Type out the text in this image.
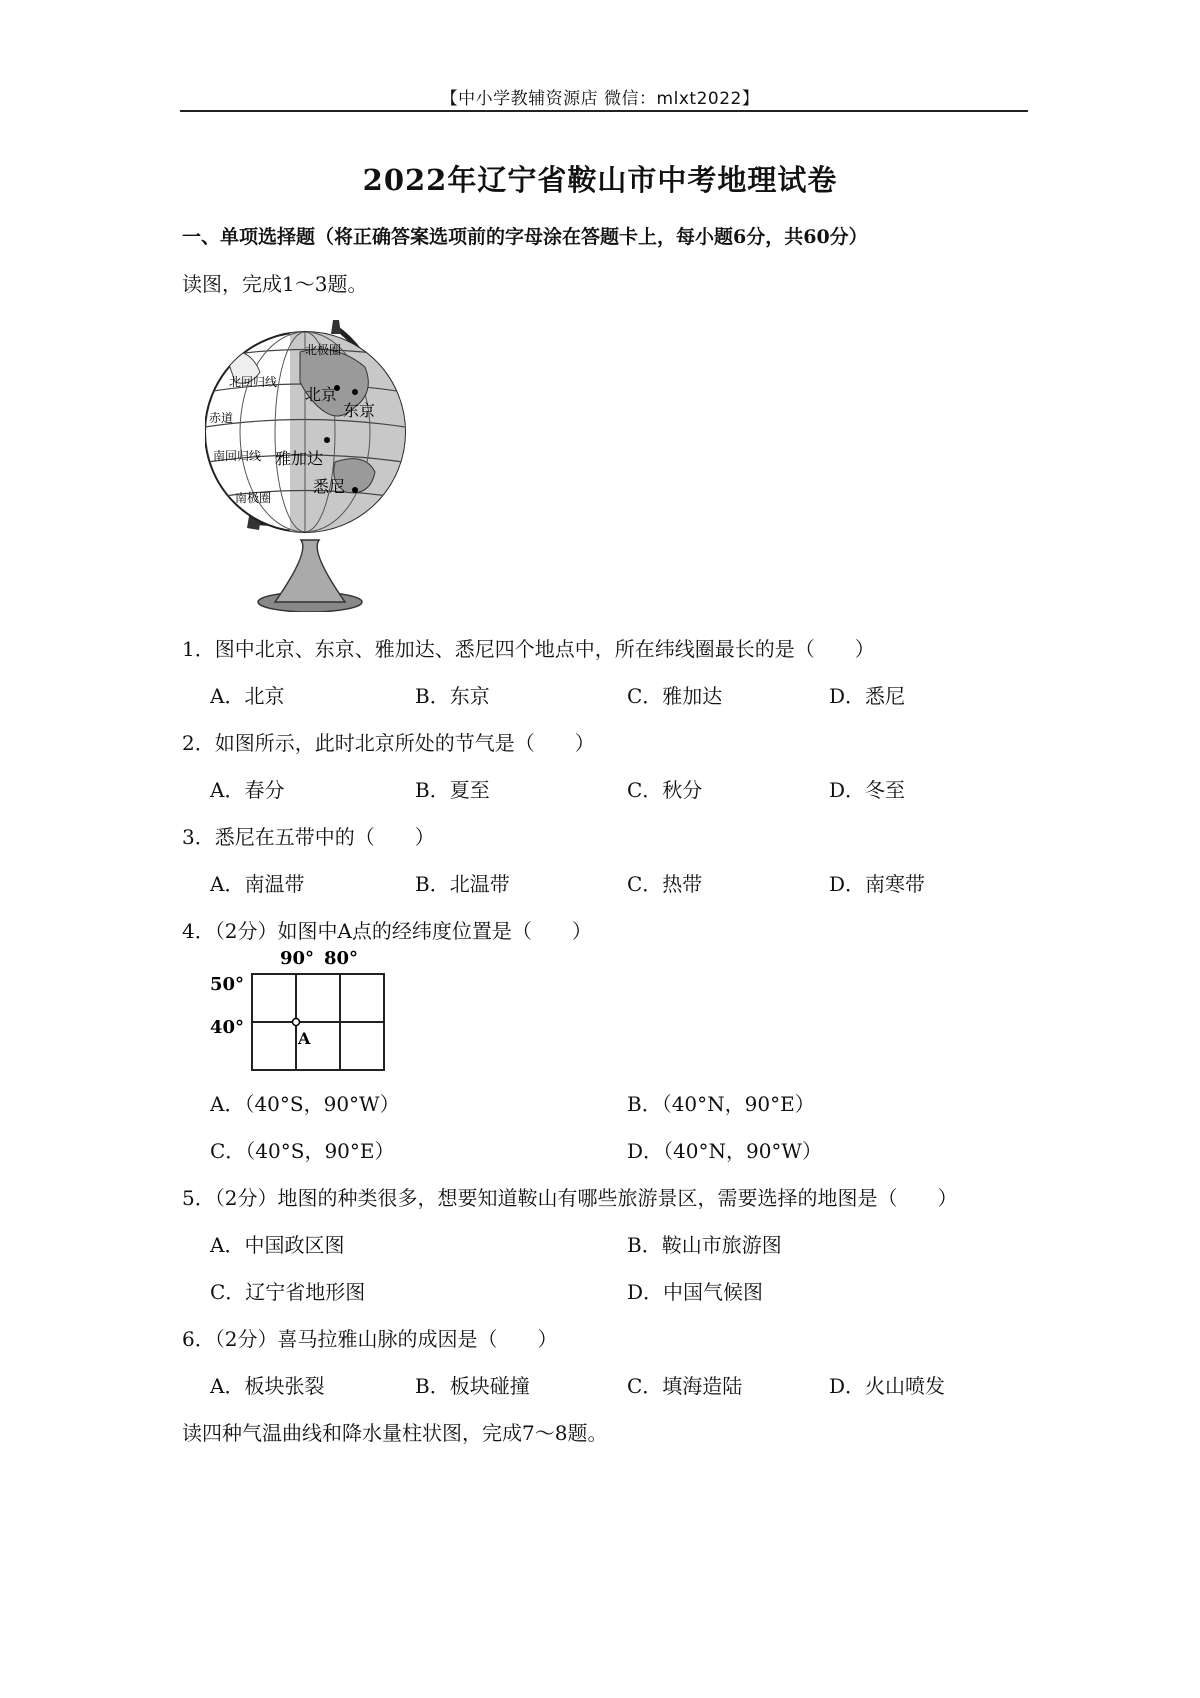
【中小学教辅资源店 微信：mlxt2022】
2022年辽宁省鞍山市中考地理试卷
一、单项选择题（将正确答案选项前的字母涂在答题卡上，每小题6分，共60分）
读图，完成1～3题。
北极圈
北回归线
赤道
南回归线
南极圈
北京
东京
雅加达
悉尼
1．图中北京、东京、雅加达、悉尼四个地点中，所在纬线圈最长的是（　　）
A．北京	B．东京	C．雅加达	D．悉尼
2．如图所示，此时北京所处的节气是（　　）
A．春分	B．夏至	C．秋分	D．冬至
3．悉尼在五带中的（　　）
A．南温带	B．北温带	C．热带	D．南寒带
4．（2分）如图中A点的经纬度位置是（　　）
90° 80°
50°
40°
A
A．（40°S，90°W）	B．（40°N，90°E）
C．（40°S，90°E）	D．（40°N，90°W）
5．（2分）地图的种类很多，想要知道鞍山有哪些旅游景区，需要选择的地图是（　　）
A．中国政区图	B．鞍山市旅游图
C．辽宁省地形图	D．中国气候图
6．（2分）喜马拉雅山脉的成因是（　　）
A．板块张裂	B．板块碰撞	C．填海造陆	D．火山喷发
读四种气温曲线和降水量柱状图，完成7～8题。
